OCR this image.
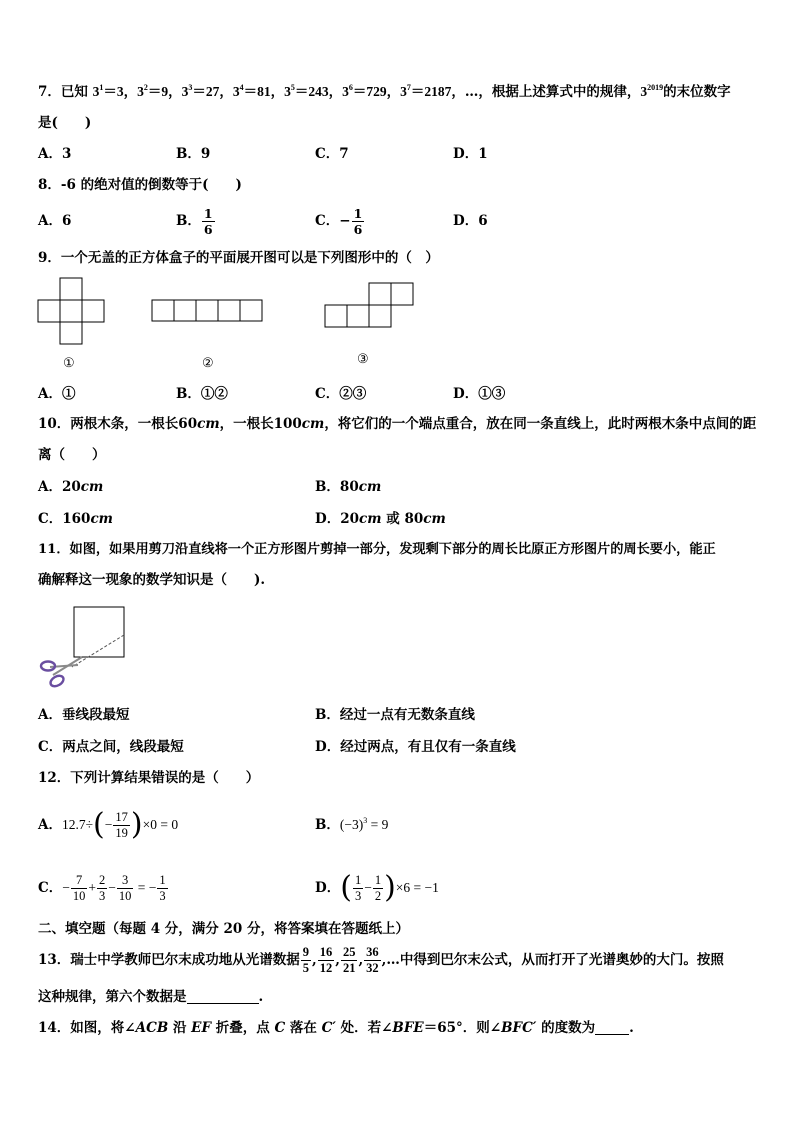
7．已知 $3^1=3$，$3^2=9$，$3^3=27$，$3^4=81$，$3^5=243$，$3^6=729$，$3^7=2187$，…，根据上述算式中的规律，$3^{2019}$的末位数字
是(　　)
A．3	B．9	C．7	D．1
8．-6 的绝对值的倒数等于(　　)
A．6	B． $\frac{1}{6}$	C．− $\frac{1}{6}$	D．6
9．一个无盖的正方体盒子的平面展开图可以是下列图形中的（　）
①	②	③
A．①	B．①②	C．②③	D．①③
10．两根木条，一根长60cm，一根长100cm，将它们的一个端点重合，放在同一条直线上，此时两根木条中点间的距
离（　　）
A．20cm	B．80cm
C．160cm	D．20cm 或 80cm
11．如图，如果用剪刀沿直线将一个正方形图片剪掉一部分，发现剩下部分的周长比原正方形图片的周长要小，能正
确解释这一现象的数学知识是（　　).
A．垂线段最短	B．经过一点有无数条直线
C．两点之间，线段最短	D．经过两点，有且仅有一条直线
12．下列计算结果错误的是（　　）
A．$12.7\div(- \frac{17}{19} )\times 0 = 0$	B．$(-3)^3 = 9$
C．− $\frac{7}{10} + \frac{2}{3} - \frac{3}{10}$ = − $\frac{1}{3}$	D．( $\frac{1}{3} - \frac{1}{2} )\times 6 = -1$
二、填空题（每题 4 分，满分 20 分，将答案填在答题纸上）
13．瑞士中学教师巴尔末成功地从光谱数据 $\frac{9}{5}$ , $\frac{16}{12}$ , $\frac{25}{21}$ , $\frac{36}{32}$ ,…中得到巴尔末公式，从而打开了光谱奥妙的大门。按照
这种规律，第六个数据是	.
14．如图，将∠ACB 沿 EF 折叠，点 C 落在 C′ 处．若∠BFE＝65°．则∠BFC′ 的度数为	.
